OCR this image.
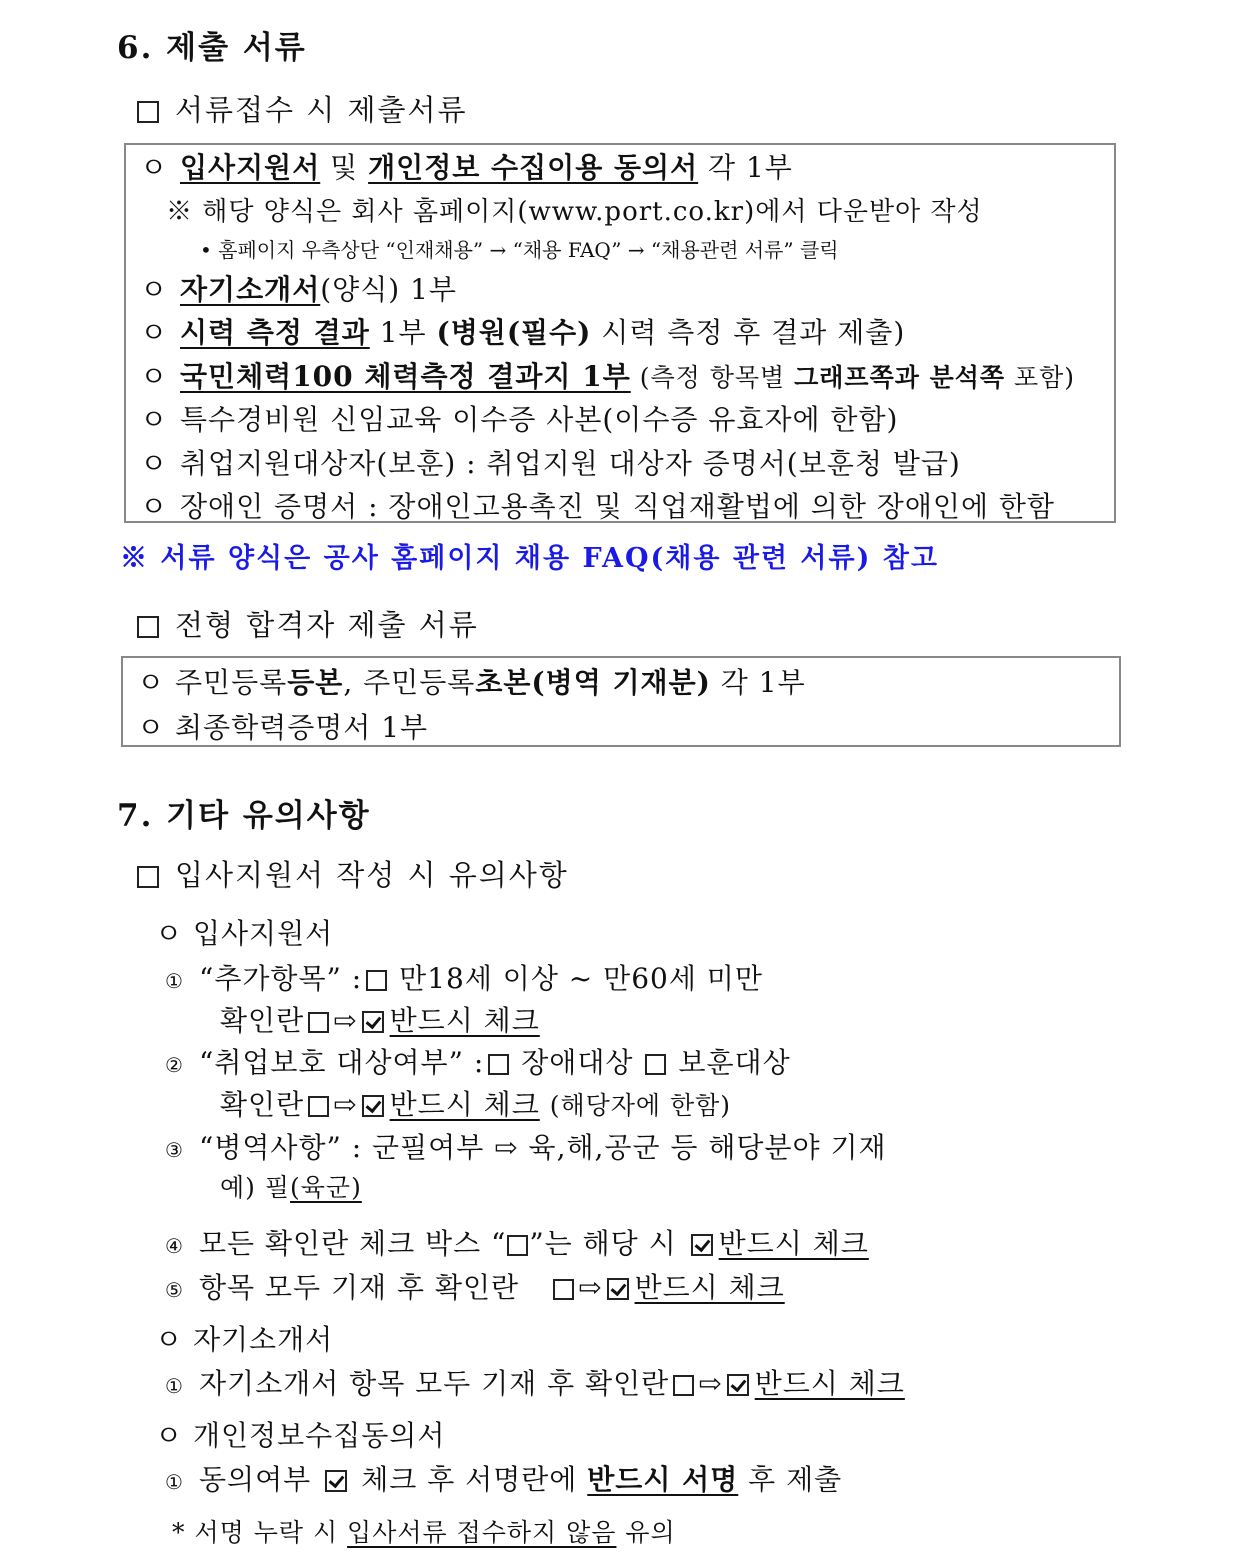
6. 제출 서류
서류접수 시 제출서류
ㅇ 입사지원서 및 개인정보 수집이용 동의서 각 1부
※ 해당 양식은 회사 홈페이지(www.port.co.kr)에서 다운받아 작성
• 홈페이지 우측상단 “인재채용” → “채용 FAQ” → “채용관련 서류” 클릭
ㅇ 자기소개서(양식) 1부
ㅇ 시력 측정 결과 1부 (병원(필수) 시력 측정 후 결과 제출)
ㅇ 국민체력100 체력측정 결과지 1부 (측정 항목별 그래프쪽과 분석쪽 포함)
ㅇ 특수경비원 신임교육 이수증 사본(이수증 유효자에 한함)
ㅇ 취업지원대상자(보훈) : 취업지원 대상자 증명서(보훈청 발급)
ㅇ 장애인 증명서 : 장애인고용촉진 및 직업재활법에 의한 장애인에 한함
※ 서류 양식은 공사 홈페이지 채용 FAQ(채용 관련 서류) 참고
전형 합격자 제출 서류
ㅇ 주민등록등본, 주민등록초본(병역 기재분) 각 1부
ㅇ 최종학력증명서 1부
7. 기타 유의사항
입사지원서 작성 시 유의사항
ㅇ 입사지원서
① “추가항목” : 만18세 이상 ~ 만60세 미만
확인란 ⇨ 반드시 체크
② “취업보호 대상여부” : 장애대상 보훈대상
확인란 ⇨ 반드시 체크 (해당자에 한함)
③ “병역사항” : 군필여부 ⇨ 육,해,공군 등 해당분야 기재
예) 필(육군)
④ 모든 확인란 체크 박스 “ ”는 해당 시 반드시 체크
⑤ 항목 모두 기재 후 확인란 ⇨ 반드시 체크
ㅇ 자기소개서
① 자기소개서 항목 모두 기재 후 확인란 ⇨ 반드시 체크
ㅇ 개인정보수집동의서
① 동의여부 체크 후 서명란에 반드시 서명 후 제출
* 서명 누락 시 입사서류 접수하지 않음 유의
